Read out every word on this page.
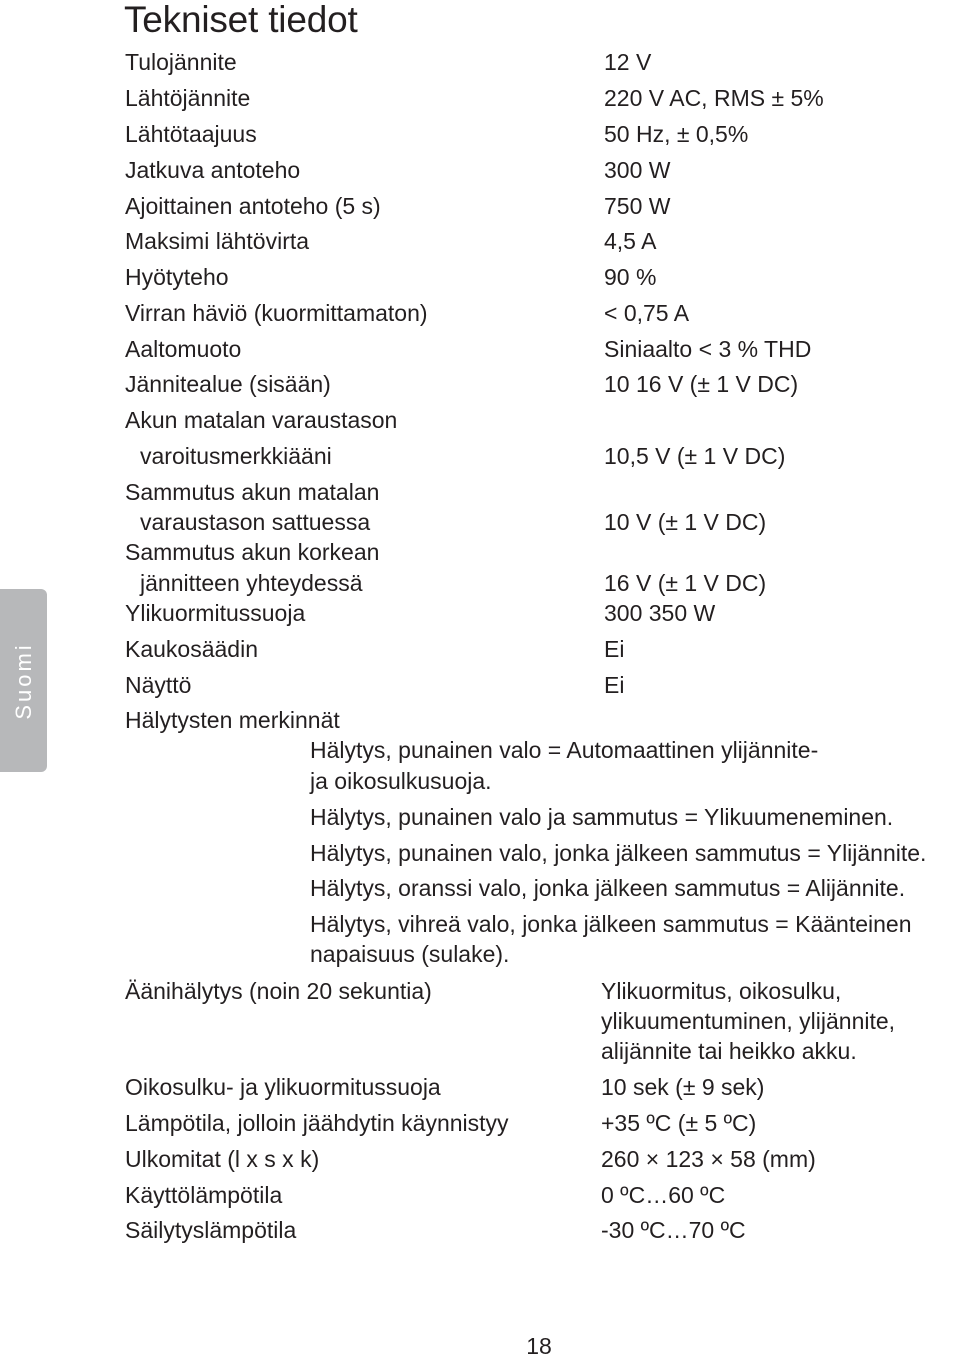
Tekniset tiedot
Tulojännite	12 V
Lähtöjännite	220 V AC, RMS ± 5%
Lähtötaajuus	50 Hz, ± 0,5%
Jatkuva antoteho	300 W
Ajoittainen antoteho (5 s)	750 W
Maksimi lähtövirta	4,5 A
Hyötyteho	90 %
Virran häviö (kuormittamaton)	< 0,75 A
Aaltomuoto	Siniaalto < 3 % THD
Jännitealue (sisään)	10 16 V (± 1 V DC)
Akun matalan varaustason
varoitusmerkkiääni	10,5 V (± 1 V DC)
Sammutus akun matalan
varaustason sattuessa	10 V (± 1 V DC)
Sammutus akun korkean
jännitteen yhteydessä	16 V (± 1 V DC)
Ylikuormitussuoja	300 350 W
Kaukosäädin	Ei
Näyttö	Ei
Hälytysten merkinnät
Hälytys, punainen valo = Automaattinen ylijännite-
ja oikosulkusuoja.
Hälytys, punainen valo ja sammutus = Ylikuumeneminen.
Hälytys, punainen valo, jonka jälkeen sammutus = Ylijännite.
Hälytys, oranssi valo, jonka jälkeen sammutus = Alijännite.
Hälytys, vihreä valo, jonka jälkeen sammutus = Käänteinen
napaisuus (sulake).
Äänihälytys (noin 20 sekuntia)	Ylikuormitus, oikosulku,
ylikuumentuminen, ylijännite,
alijännite tai heikko akku.
Oikosulku- ja ylikuormitussuoja	10 sek (± 9 sek)
Lämpötila, jolloin jäähdytin käynnistyy	+35 ºC (± 5 ºC)
Ulkomitat (l x s x k)	260 × 123 × 58 (mm)
Käyttölämpötila	0 ºC…60 ºC
Säilytyslämpötila	-30 ºC…70 ºC
Suomi
18
